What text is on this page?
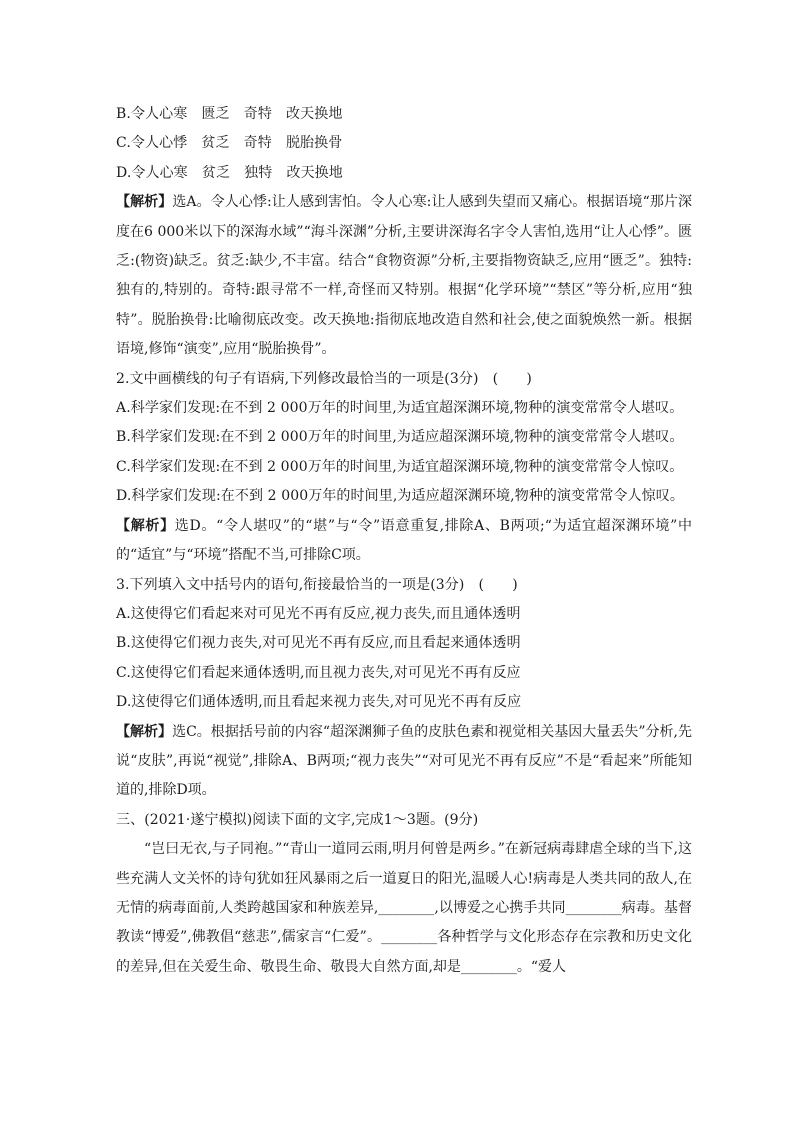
B.令人心寒　匮乏　奇特　改天换地

C.令人心悸　贫乏　奇特　脱胎换骨

D.令人心寒　贫乏　独特　改天换地

【解析】选A。令人心悸:让人感到害怕。令人心寒:让人感到失望而又痛心。根据语境“那片深度在6 000米以下的深海水域”“海斗深渊”分析,主要讲深海名字令人害怕,选用“让人心悸”。匮乏:(物资)缺乏。贫乏:缺少,不丰富。结合“食物资源”分析,主要指物资缺乏,应用“匮乏”。独特:独有的,特别的。奇特:跟寻常不一样,奇怪而又特别。根据“化学环境”“禁区”等分析,应用“独特”。脱胎换骨:比喻彻底改变。改天换地:指彻底地改造自然和社会,使之面貌焕然一新。根据语境,修饰“演变”,应用“脱胎换骨”。

2.文中画横线的句子有语病,下列修改最恰当的一项是(3分)　(　　)

A.科学家们发现:在不到 2 000万年的时间里,为适宜超深渊环境,物种的演变常常令人堪叹。

B.科学家们发现:在不到 2 000万年的时间里,为适应超深渊环境,物种的演变常常令人堪叹。

C.科学家们发现:在不到 2 000万年的时间里,为适宜超深渊环境,物种的演变常常令人惊叹。

D.科学家们发现:在不到 2 000万年的时间里,为适应超深渊环境,物种的演变常常令人惊叹。

【解析】选D。“令人堪叹”的“堪”与“令”语意重复,排除A、B两项;“为适宜超深渊环境”中的“适宜”与“环境”搭配不当,可排除C项。

3.下列填入文中括号内的语句,衔接最恰当的一项是(3分)　(　　)

A.这使得它们看起来对可见光不再有反应,视力丧失,而且通体透明

B.这使得它们视力丧失,对可见光不再有反应,而且看起来通体透明

C.这使得它们看起来通体透明,而且视力丧失,对可见光不再有反应

D.这使得它们通体透明,而且看起来视力丧失,对可见光不再有反应

【解析】选C。根据括号前的内容“超深渊狮子鱼的皮肤色素和视觉相关基因大量丢失”分析,先说“皮肤”,再说“视觉”,排除A、B两项;“视力丧失”“对可见光不再有反应”不是“看起来”所能知道的,排除D项。

三、(2021·遂宁模拟)阅读下面的文字,完成1～3题。(9分)

“岂曰无衣,与子同袍。”“青山一道同云雨,明月何曾是两乡。”在新冠病毒肆虐全球的当下,这些充满人文关怀的诗句犹如狂风暴雨之后一道夏日的阳光,温暖人心!病毒是人类共同的敌人,在无情的病毒面前,人类跨越国家和种族差异,________,以博爱之心携手共同________病毒。基督教读“博爱”,佛教倡“慈悲”,儒家言“仁爱”。________各种哲学与文化形态存在宗教和历史文化的差异,但在关爱生命、敬畏生命、敬畏大自然方面,却是________。“爱人
